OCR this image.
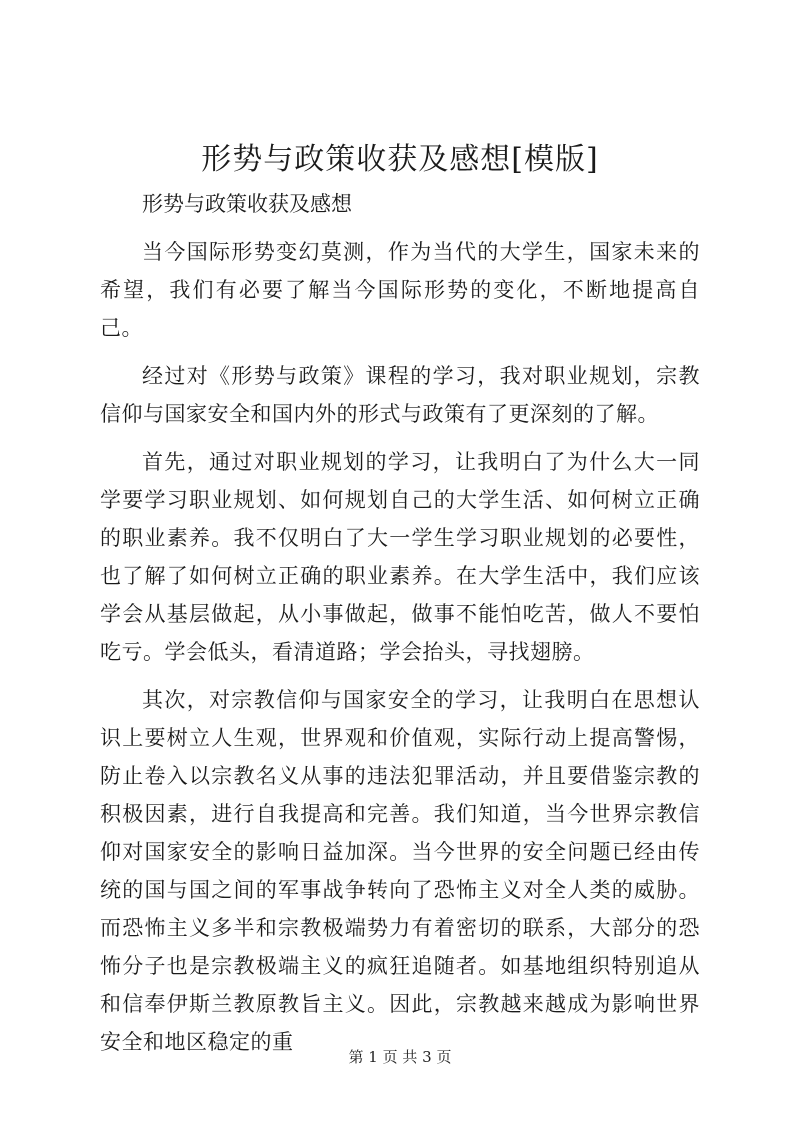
形势与政策收获及感想[模版]

形势与政策收获及感想

当今国际形势变幻莫测，作为当代的大学生，国家未来的希望，我们有必要了解当今国际形势的变化，不断地提高自己。

经过对《形势与政策》课程的学习，我对职业规划，宗教信仰与国家安全和国内外的形式与政策有了更深刻的了解。

首先，通过对职业规划的学习，让我明白了为什么大一同学要学习职业规划、如何规划自己的大学生活、如何树立正确的职业素养。我不仅明白了大一学生学习职业规划的必要性，也了解了如何树立正确的职业素养。在大学生活中，我们应该学会从基层做起，从小事做起，做事不能怕吃苦，做人不要怕吃亏。学会低头，看清道路；学会抬头，寻找翅膀。

其次，对宗教信仰与国家安全的学习，让我明白在思想认识上要树立人生观，世界观和价值观，实际行动上提高警惕，防止卷入以宗教名义从事的违法犯罪活动，并且要借鉴宗教的积极因素，进行自我提高和完善。我们知道，当今世界宗教信仰对国家安全的影响日益加深。当今世界的安全问题已经由传统的国与国之间的军事战争转向了恐怖主义对全人类的威胁。而恐怖主义多半和宗教极端势力有着密切的联系，大部分的恐怖分子也是宗教极端主义的疯狂追随者。如基地组织特别追从和信奉伊斯兰教原教旨主义。因此，宗教越来越成为影响世界安全和地区稳定的重

第 1 页 共 3 页
